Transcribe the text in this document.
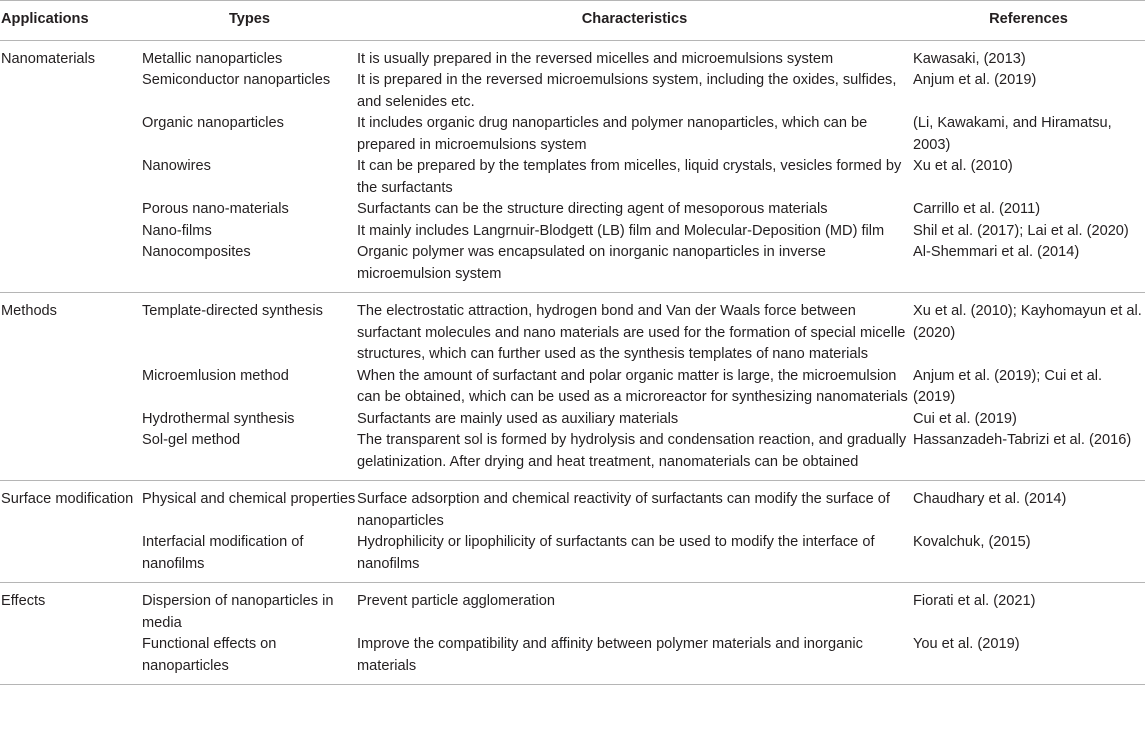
Applications	Types	Characteristics	References
Nanomaterials	Metallic nanoparticles	It is usually prepared in the reversed micelles and microemulsions system	Kawasaki, (2013)
	Semiconductor nanoparticles	It is prepared in the reversed microemulsions system, including the oxides, sulfides, and selenides etc.	Anjum et al. (2019)
	Organic nanoparticles	It includes organic drug nanoparticles and polymer nanoparticles, which can be prepared in microemulsions system	(Li, Kawakami, and Hiramatsu, 2003)
	Nanowires	It can be prepared by the templates from micelles, liquid crystals, vesicles formed by the surfactants	Xu et al. (2010)
	Porous nano-materials	Surfactants can be the structure directing agent of mesoporous materials	Carrillo et al. (2011)
	Nano-films	It mainly includes Langrnuir-Blodgett (LB) film and Molecular-Deposition (MD) film	Shil et al. (2017); Lai et al. (2020)
	Nanocomposites	Organic polymer was encapsulated on inorganic nanoparticles in inverse microemulsion system	Al-Shemmari et al. (2014)
Methods	Template-directed synthesis	The electrostatic attraction, hydrogen bond and Van der Waals force between surfactant molecules and nano materials are used for the formation of special micelle structures, which can further used as the synthesis templates of nano materials	Xu et al. (2010); Kayhomayun et al. (2020)
	Microemlusion method	When the amount of surfactant and polar organic matter is large, the microemulsion can be obtained, which can be used as a microreactor for synthesizing nanomaterials	Anjum et al. (2019); Cui et al. (2019)
	Hydrothermal synthesis	Surfactants are mainly used as auxiliary materials	Cui et al. (2019)
	Sol-gel method	The transparent sol is formed by hydrolysis and condensation reaction, and gradually gelatinization. After drying and heat treatment, nanomaterials can be obtained	Hassanzadeh-Tabrizi et al. (2016)
Surface modification	Physical and chemical properties	Surface adsorption and chemical reactivity of surfactants can modify the surface of nanoparticles	Chaudhary et al. (2014)
	Interfacial modification of nanofilms	Hydrophilicity or lipophilicity of surfactants can be used to modify the interface of nanofilms	Kovalchuk, (2015)
Effects	Dispersion of nanoparticles in media	Prevent particle agglomeration	Fiorati et al. (2021)
	Functional effects on nanoparticles	Improve the compatibility and affinity between polymer materials and inorganic materials	You et al. (2019)
